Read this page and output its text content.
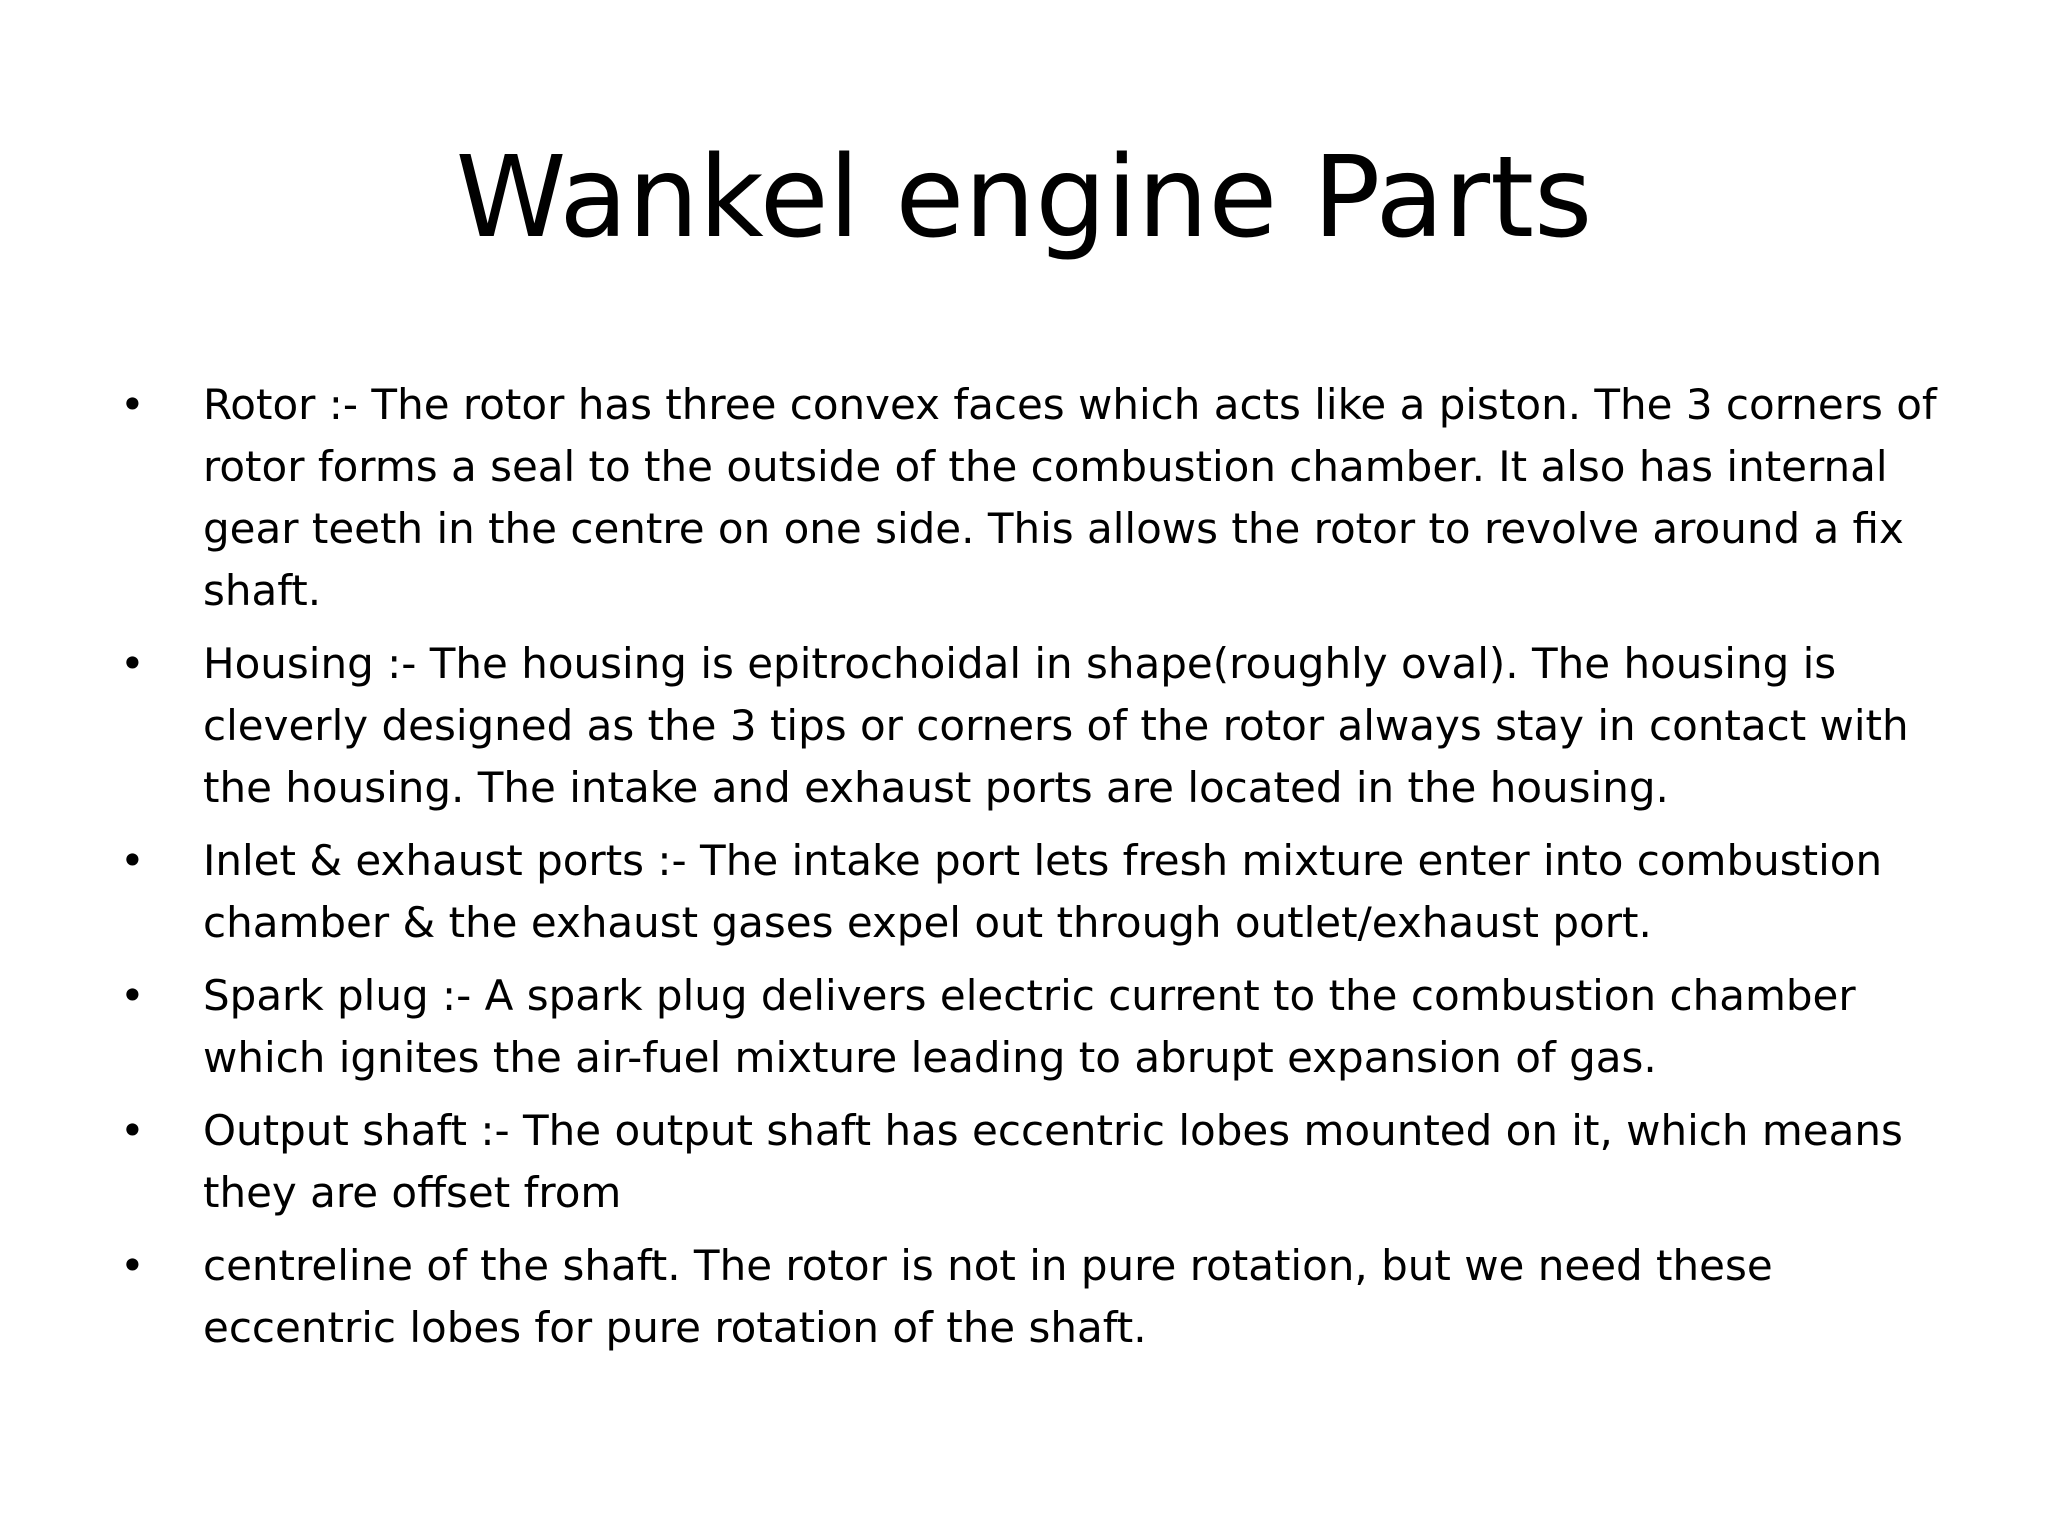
Wankel engine Parts
•	Rotor :- The rotor has three convex faces which acts like a piston. The 3 corners of rotor forms a seal to the outside of the combustion chamber. It also has internal gear teeth in the centre on one side. This allows the rotor to revolve around a fix shaft.
•	Housing :- The housing is epitrochoidal in shape(roughly oval). The housing is cleverly designed as the 3 tips or corners of the rotor always stay in contact with the housing. The intake and exhaust ports are located in the housing.
•	Inlet & exhaust ports :- The intake port lets fresh mixture enter into combustion chamber & the exhaust gases expel out through outlet/exhaust port.
•	Spark plug :- A spark plug delivers electric current to the combustion chamber which ignites the air-fuel mixture leading to abrupt expansion of gas.
•	Output shaft :- The output shaft has eccentric lobes mounted on it, which means they are offset from
•	centreline of the shaft. The rotor is not in pure rotation, but we need these eccentric lobes for pure rotation of the shaft.
